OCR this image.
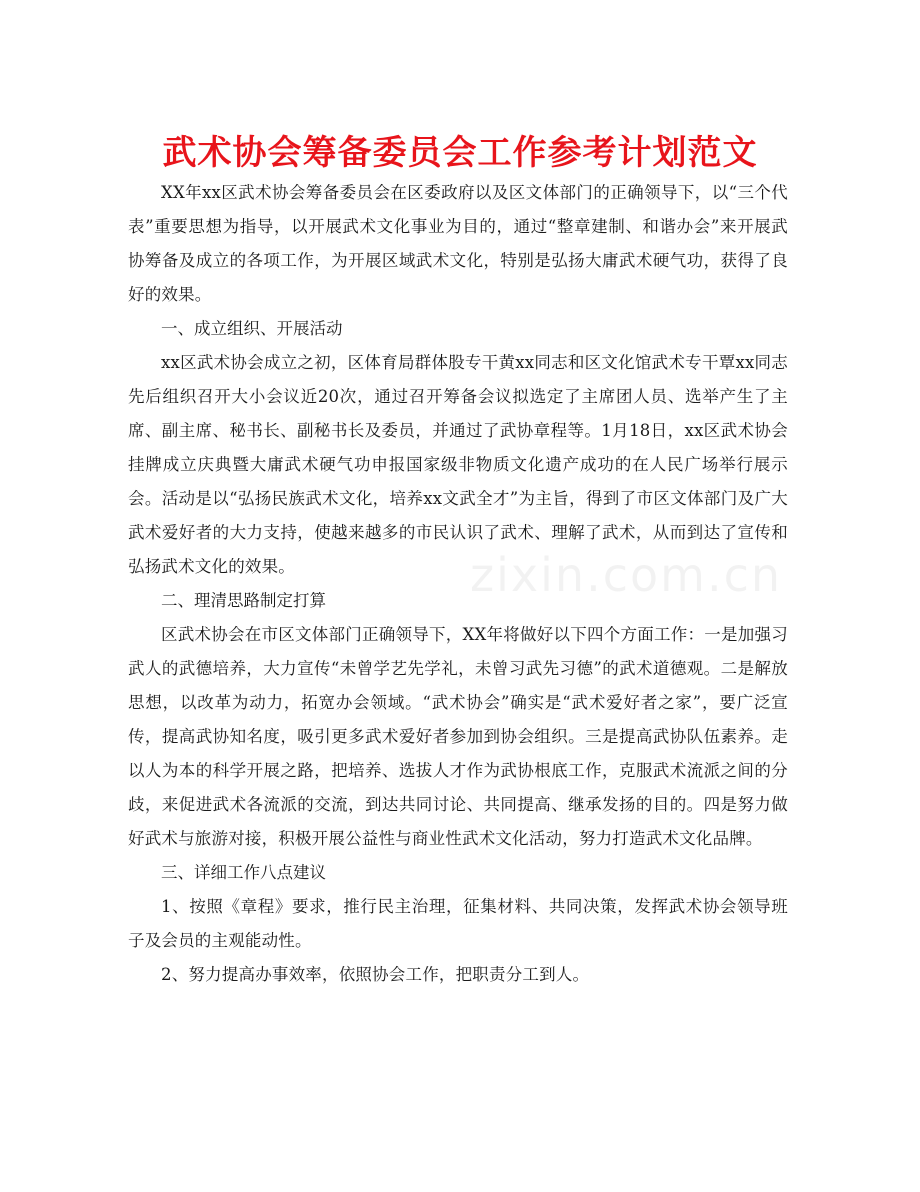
武术协会筹备委员会工作参考计划范文
zixin.com.cn

XX年xx区武术协会筹备委员会在区委政府以及区文体部门的正确领导下，以“三个代表”重要思想为指导，以开展武术文化事业为目的，通过“整章建制、和谐办会”来开展武协筹备及成立的各项工作，为开展区域武术文化，特别是弘扬大庸武术硬气功，获得了良好的效果。

一、成立组织、开展活动

xx区武术协会成立之初，区体育局群体股专干黄xx同志和区文化馆武术专干覃xx同志先后组织召开大小会议近20次，通过召开筹备会议拟选定了主席团人员、选举产生了主席、副主席、秘书长、副秘书长及委员，并通过了武协章程等。1月18日，xx区武术协会挂牌成立庆典暨大庸武术硬气功申报国家级非物质文化遗产成功的在人民广场举行展示会。活动是以“弘扬民族武术文化，培养xx文武全才”为主旨，得到了市区文体部门及广大武术爱好者的大力支持，使越来越多的市民认识了武术、理解了武术，从而到达了宣传和弘扬武术文化的效果。

二、理清思路制定打算

区武术协会在市区文体部门正确领导下，XX年将做好以下四个方面工作：一是加强习武人的武德培养，大力宣传“未曾学艺先学礼，未曾习武先习德”的武术道德观。二是解放思想，以改革为动力，拓宽办会领域。“武术协会”确实是“武术爱好者之家”，要广泛宣传，提高武协知名度，吸引更多武术爱好者参加到协会组织。三是提高武协队伍素养。走以人为本的科学开展之路，把培养、选拔人才作为武协根底工作，克服武术流派之间的分歧，来促进武术各流派的交流，到达共同讨论、共同提高、继承发扬的目的。四是努力做好武术与旅游对接，积极开展公益性与商业性武术文化活动，努力打造武术文化品牌。

三、详细工作八点建议

1、按照《章程》要求，推行民主治理，征集材料、共同决策，发挥武术协会领导班子及会员的主观能动性。

2、努力提高办事效率，依照协会工作，把职责分工到人。
